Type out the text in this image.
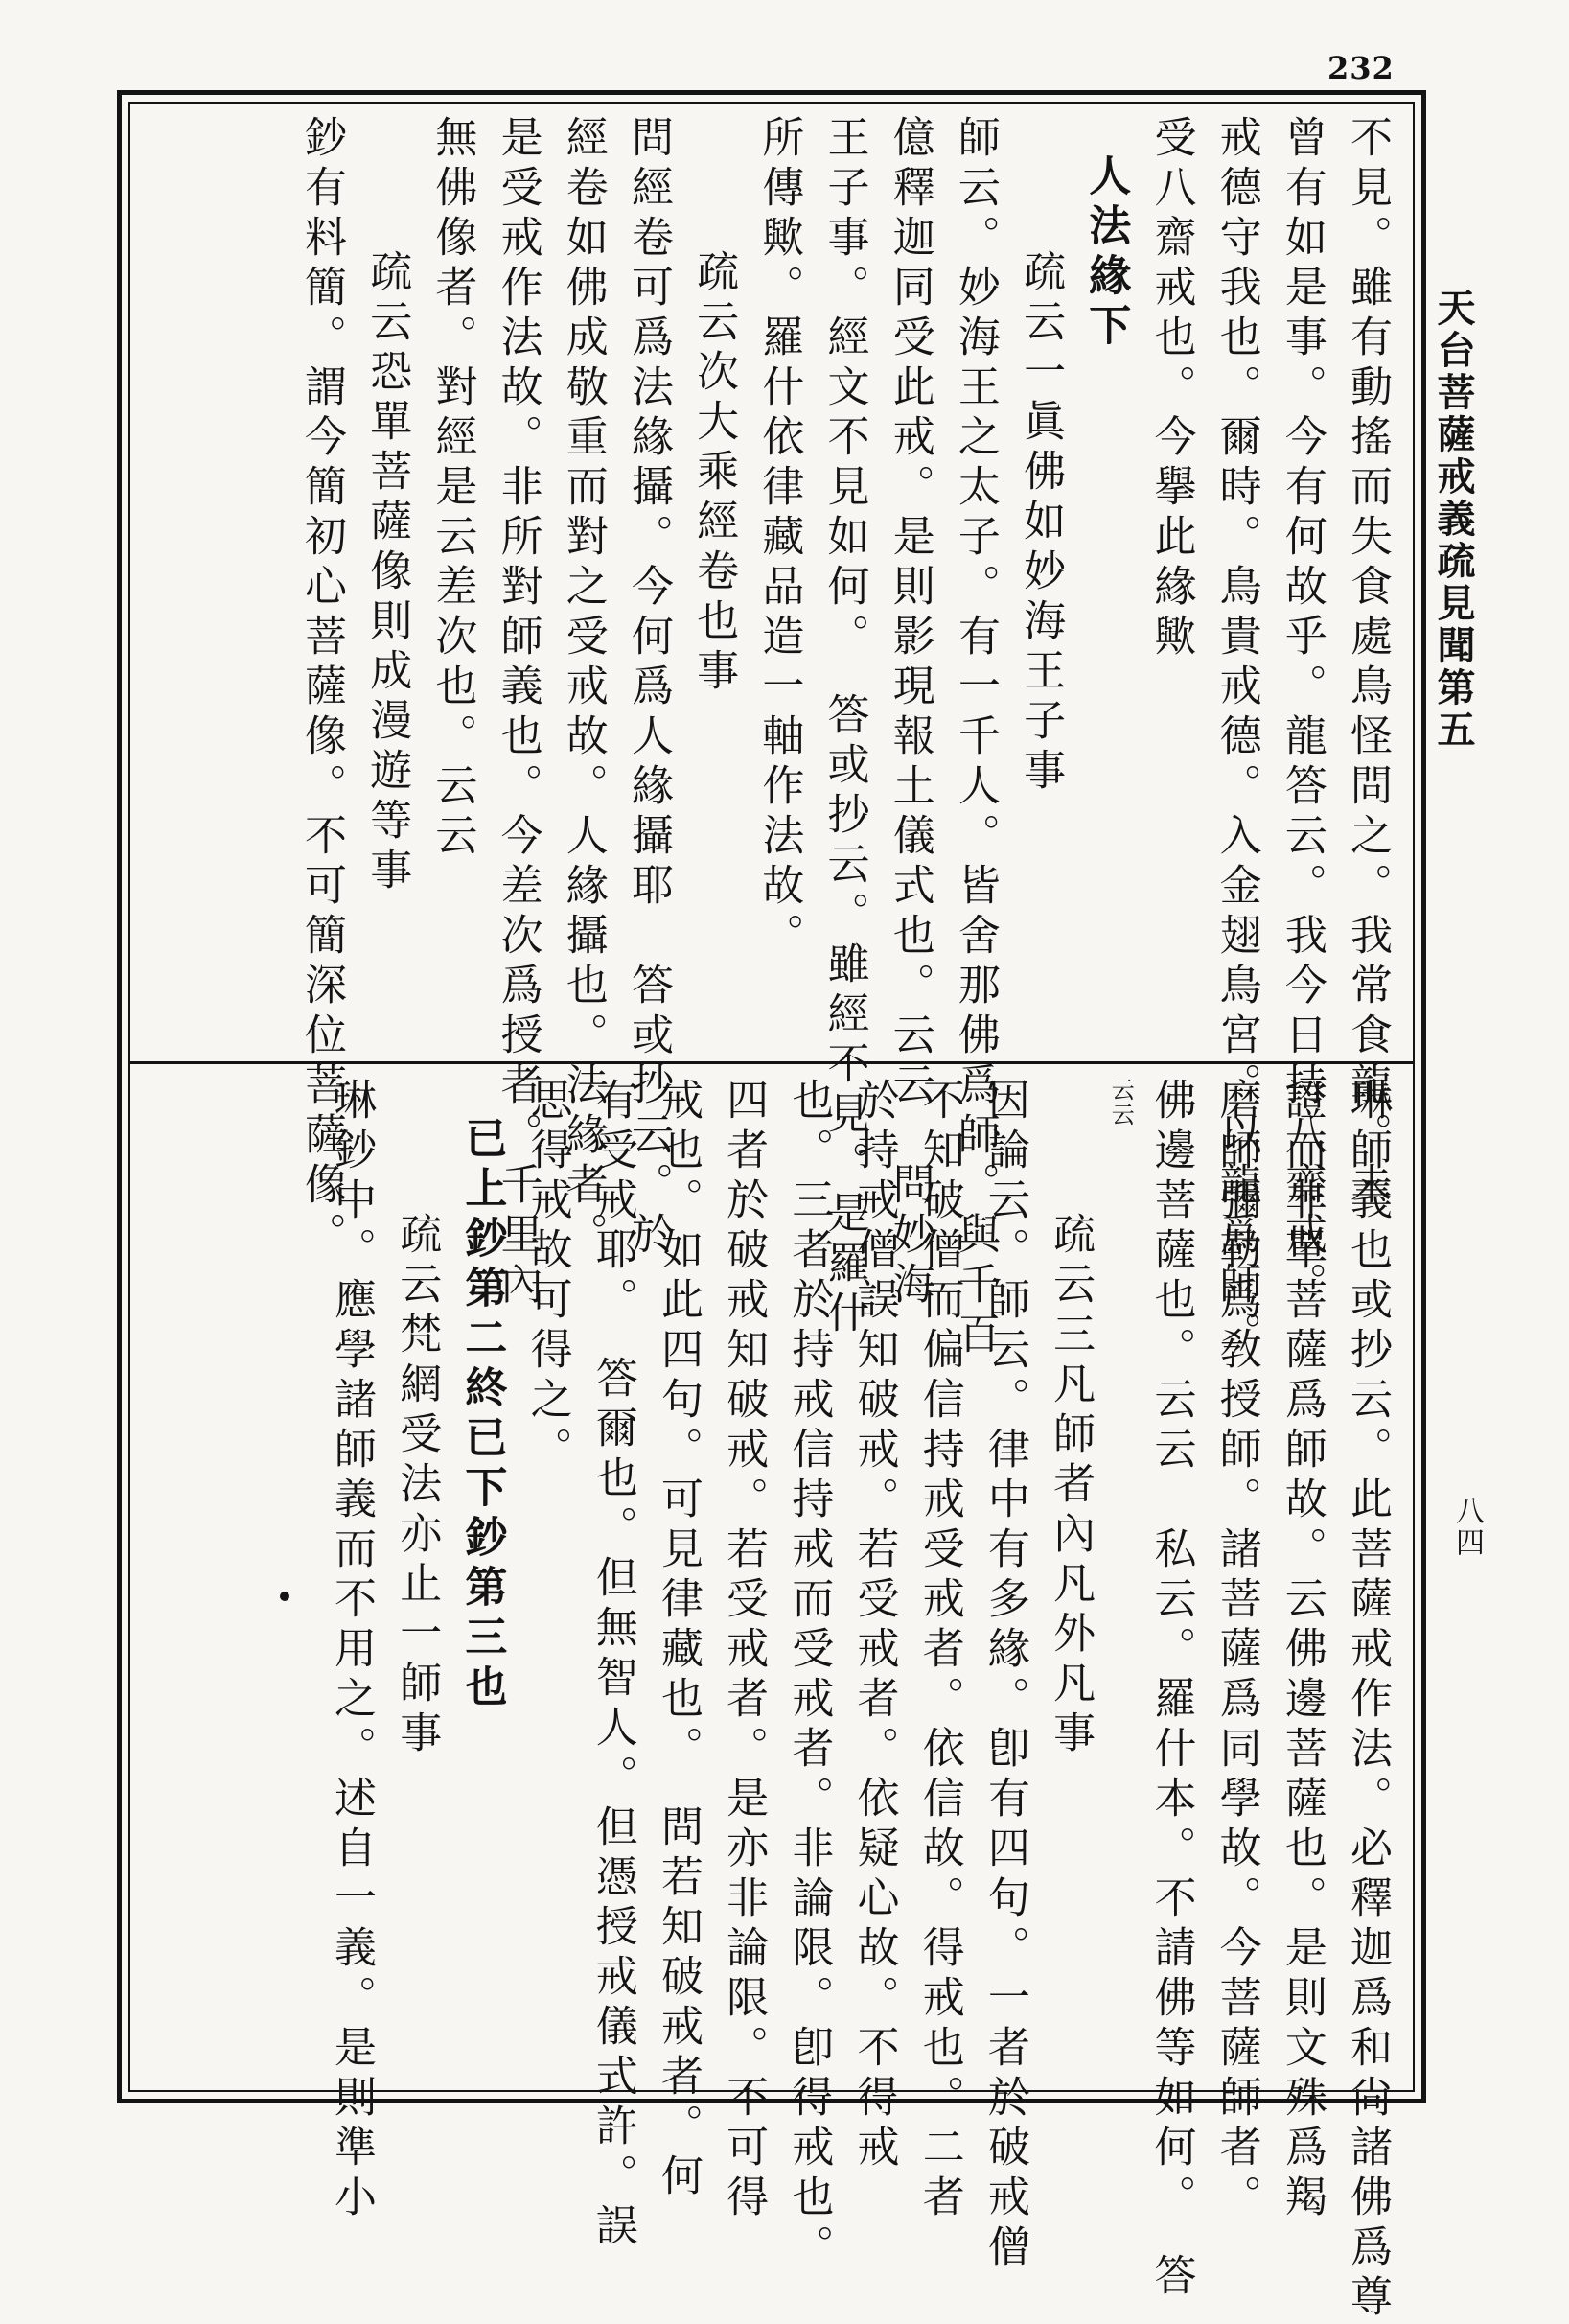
232
天台菩薩戒義疏見聞第五
八四
不見。雖有動搖而失食處鳥怪問之。我常食龍。未
曾有如是事。今有何故乎。龍答云。我今日持八齋戒。
戒德守我也。爾時。鳥貴戒德。入金翅鳥宮。以龍爲師。
受八齋戒也。今擧此緣歟
人法緣下
疏云一眞佛如妙海王子事
師云。妙海王之太子。有一千人。皆舍那佛爲師。與千百
億釋迦同受此戒。是則影現報土儀式也。云云　問妙海
王子事。經文不見如何。　答或抄云。雖經不見。是羅什
所傳歟。羅什依律藏品造一軸作法故。
疏云次大乘經卷也事
問經卷可爲法緣攝。今何爲人緣攝耶　答或抄云。於
經卷如佛成敬重而對之受戒故。人緣攝也。法緣者。
是受戒作法故。非所對師義也。今差次爲授者。千里內
無佛像者。對經是云差次也。云云
疏云恐單菩薩像則成漫遊等事
鈔有料簡。謂今簡初心菩薩像。不可簡深位菩薩像。
琳師義也或抄云。此菩薩戒作法。必釋迦爲和尙諸佛爲尊
證而非單菩薩爲師故。云佛邊菩薩也。是則文殊爲羯
磨師彌勒爲敎授師。諸菩薩爲同學故。今菩薩師者。
佛邊菩薩也。云云　私云。羅什本。不請佛等如何。　答
云云
疏云三凡師者內凡外凡事
因論云。師云。律中有多緣。卽有四句。一者於破戒僧
不知破僧而偏信持戒受戒者。依信故。得戒也。二者
於持戒僧誤知破戒。若受戒者。依疑心故。不得戒
也。三者於持戒信持戒而受戒者。非論限。卽得戒也。
四者於破戒知破戒。若受戒者。是亦非論限。不可得
戒也。如此四句。可見律藏也。　問若知破戒者。何
有受戒耶。　答爾也。但無智人。但憑授戒儀式許。誤
思得戒故可得之。
已上鈔第二終已下鈔第三也
疏云梵網受法亦止一師事
琳鈔中。應學諸師義而不用之。述自一義。是則準小
